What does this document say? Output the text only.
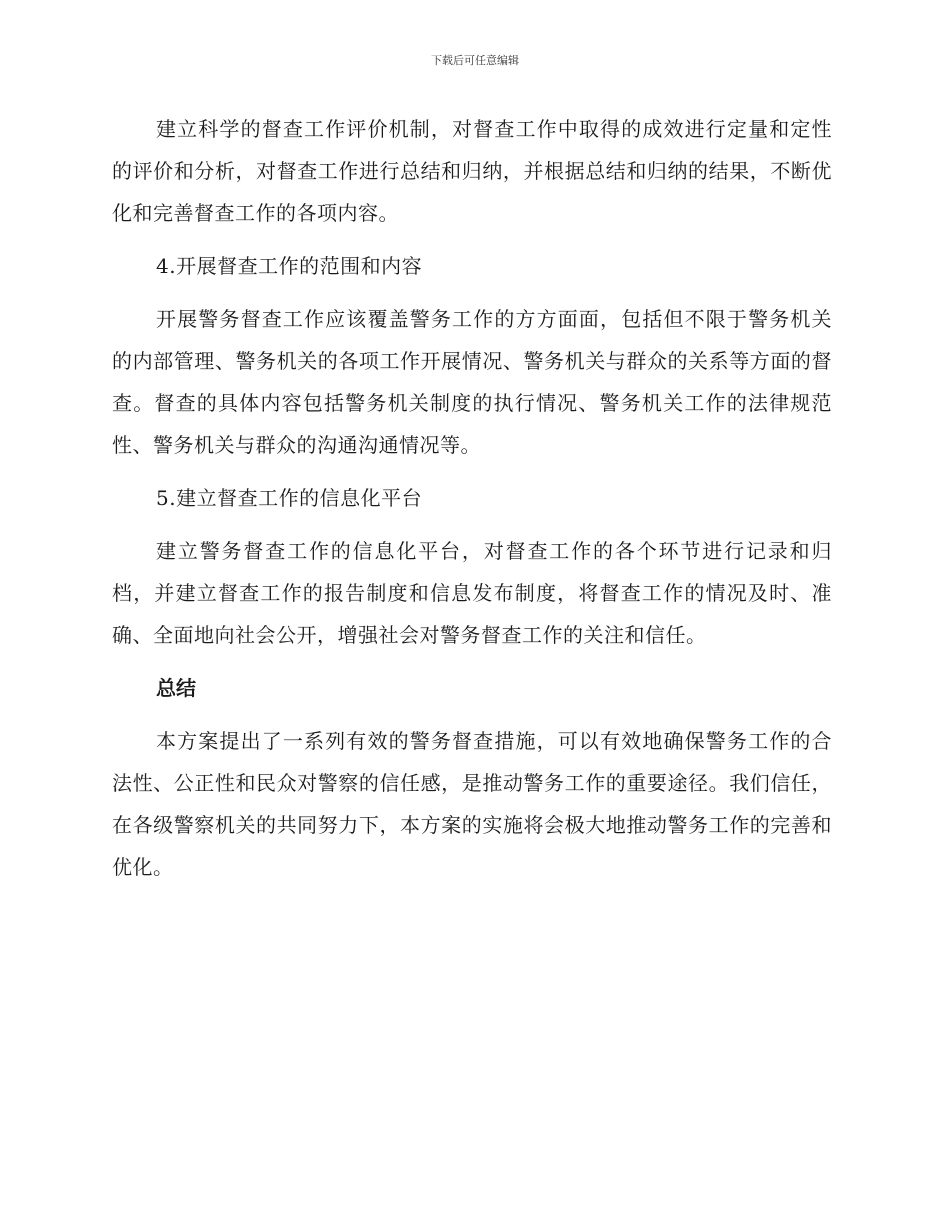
下载后可任意编辑

建立科学的督查工作评价机制，对督查工作中取得的成效进行定量和定性的评价和分析，对督查工作进行总结和归纳，并根据总结和归纳的结果，不断优化和完善督查工作的各项内容。

4.开展督查工作的范围和内容

开展警务督查工作应该覆盖警务工作的方方面面，包括但不限于警务机关的内部管理、警务机关的各项工作开展情况、警务机关与群众的关系等方面的督查。督查的具体内容包括警务机关制度的执行情况、警务机关工作的法律规范性、警务机关与群众的沟通沟通情况等。

5.建立督查工作的信息化平台

建立警务督查工作的信息化平台，对督查工作的各个环节进行记录和归档，并建立督查工作的报告制度和信息发布制度，将督查工作的情况及时、准确、全面地向社会公开，增强社会对警务督查工作的关注和信任。

总结

本方案提出了一系列有效的警务督查措施，可以有效地确保警务工作的合法性、公正性和民众对警察的信任感，是推动警务工作的重要途径。我们信任，在各级警察机关的共同努力下，本方案的实施将会极大地推动警务工作的完善和优化。
